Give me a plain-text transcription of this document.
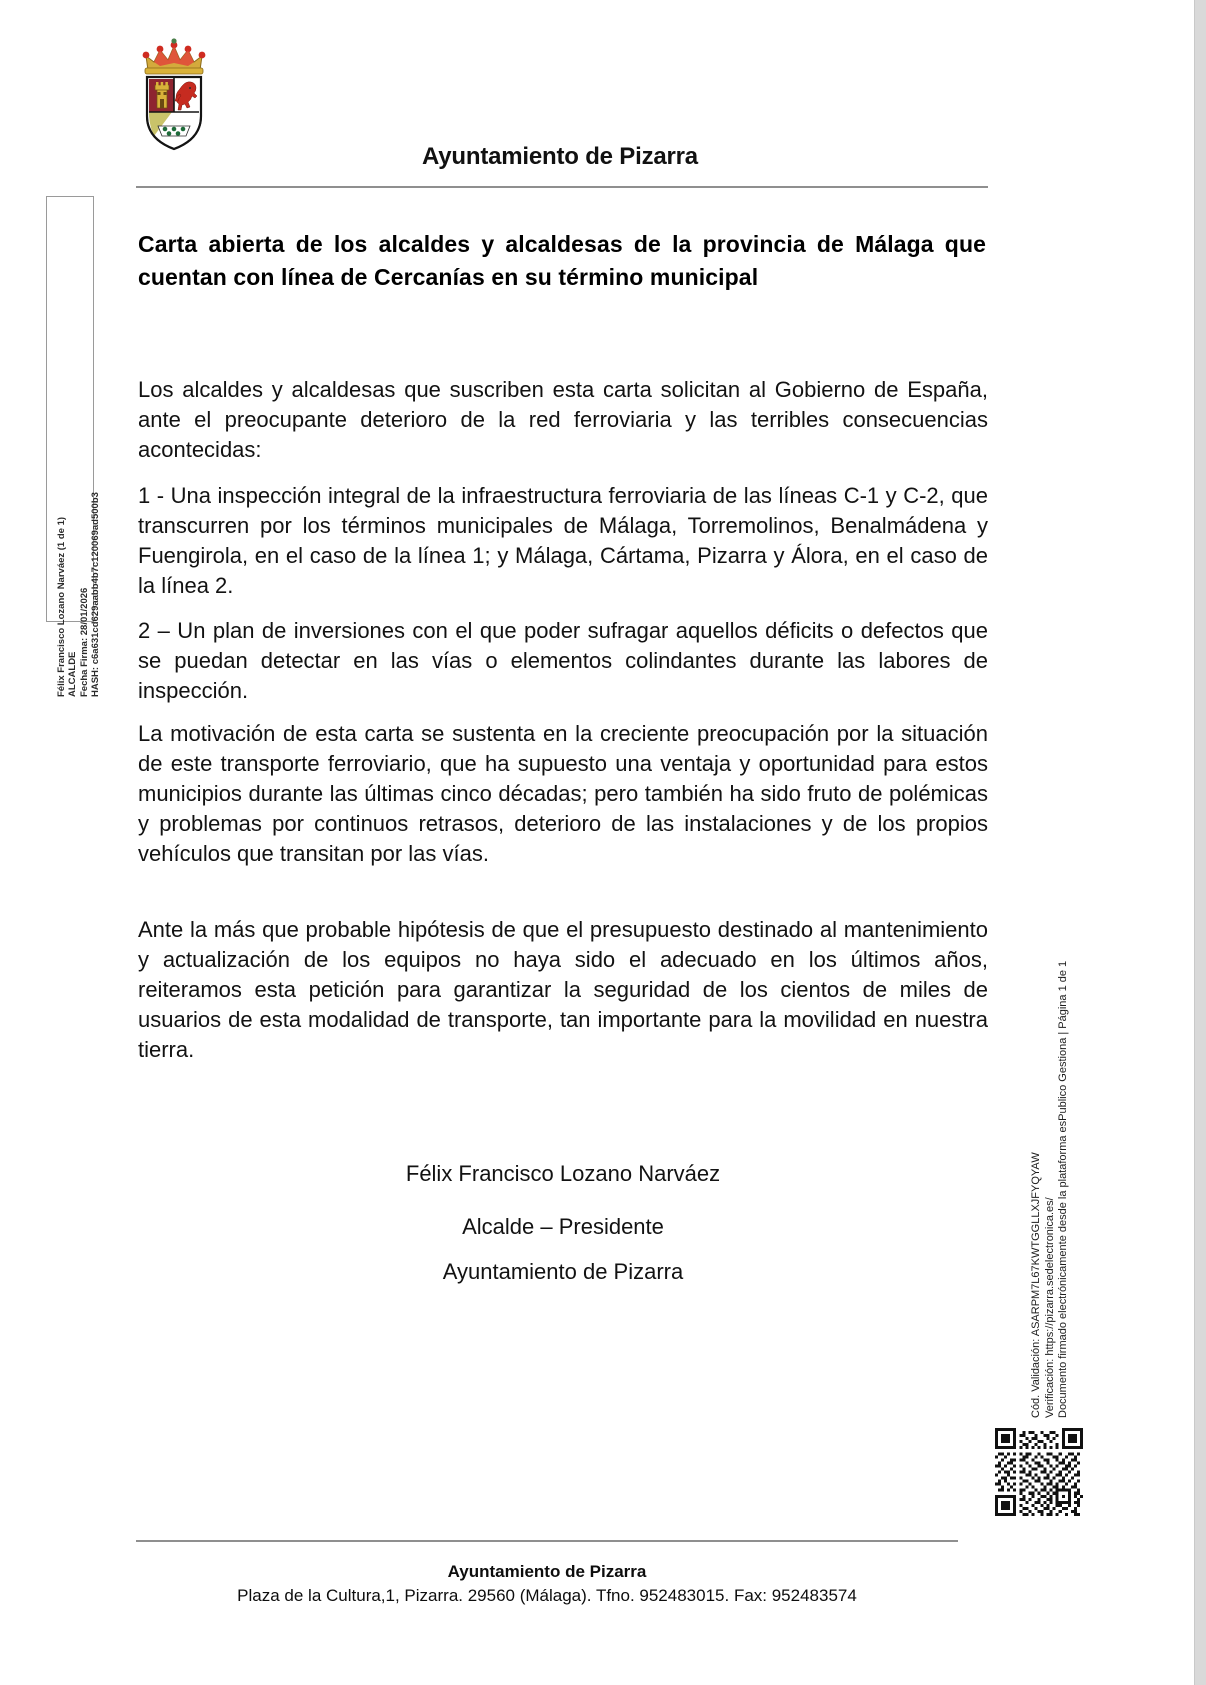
Ayuntamiento de Pizarra
Félix Francisco Lozano Narváez (1 de 1) ALCALDE Fecha Firma: 28/01/2026 HASH: c6a631cd629aabb4b7c120069ad500b3
Carta abierta de los alcaldes y alcaldesas de la provincia de Málaga que cuentan con línea de Cercanías en su término municipal
Los alcaldes y alcaldesas que suscriben esta carta solicitan al Gobierno de España, ante el preocupante deterioro de la red ferroviaria y las terribles consecuencias acontecidas:
1 - Una inspección integral de la infraestructura ferroviaria de las líneas C-1 y C-2, que transcurren por los términos municipales de Málaga, Torremolinos, Benalmádena y Fuengirola, en el caso de la línea 1; y Málaga, Cártama, Pizarra y Álora, en el caso de la línea 2.
2 – Un plan de inversiones con el que poder sufragar aquellos déficits o defectos que se puedan detectar en las vías o elementos colindantes durante las labores de inspección.
La motivación de esta carta se sustenta en la creciente preocupación por la situación de este transporte ferroviario, que ha supuesto una ventaja y oportunidad para estos municipios durante las últimas cinco décadas; pero también ha sido fruto de polémicas y problemas por continuos retrasos, deterioro de las instalaciones y de los propios vehículos que transitan por las vías.
Ante la más que probable hipótesis de que el presupuesto destinado al mantenimiento y actualización de los equipos no haya sido el adecuado en los últimos años, reiteramos esta petición para garantizar la seguridad de los cientos de miles de usuarios de esta modalidad de transporte, tan importante para la movilidad en nuestra tierra.
Félix Francisco Lozano Narváez
Alcalde – Presidente
Ayuntamiento de Pizarra	Cód. Validación: ASARPM7L67KWTGGLLXJFYQYAW Verificación: https://pizarra.sedelectronica.es/ Documento firmado electrónicamente desde la plataforma esPublico Gestiona | Página 1 de 1
Ayuntamiento de Pizarra
Plaza de la Cultura,1, Pizarra. 29560 (Málaga). Tfno. 952483015. Fax: 952483574
